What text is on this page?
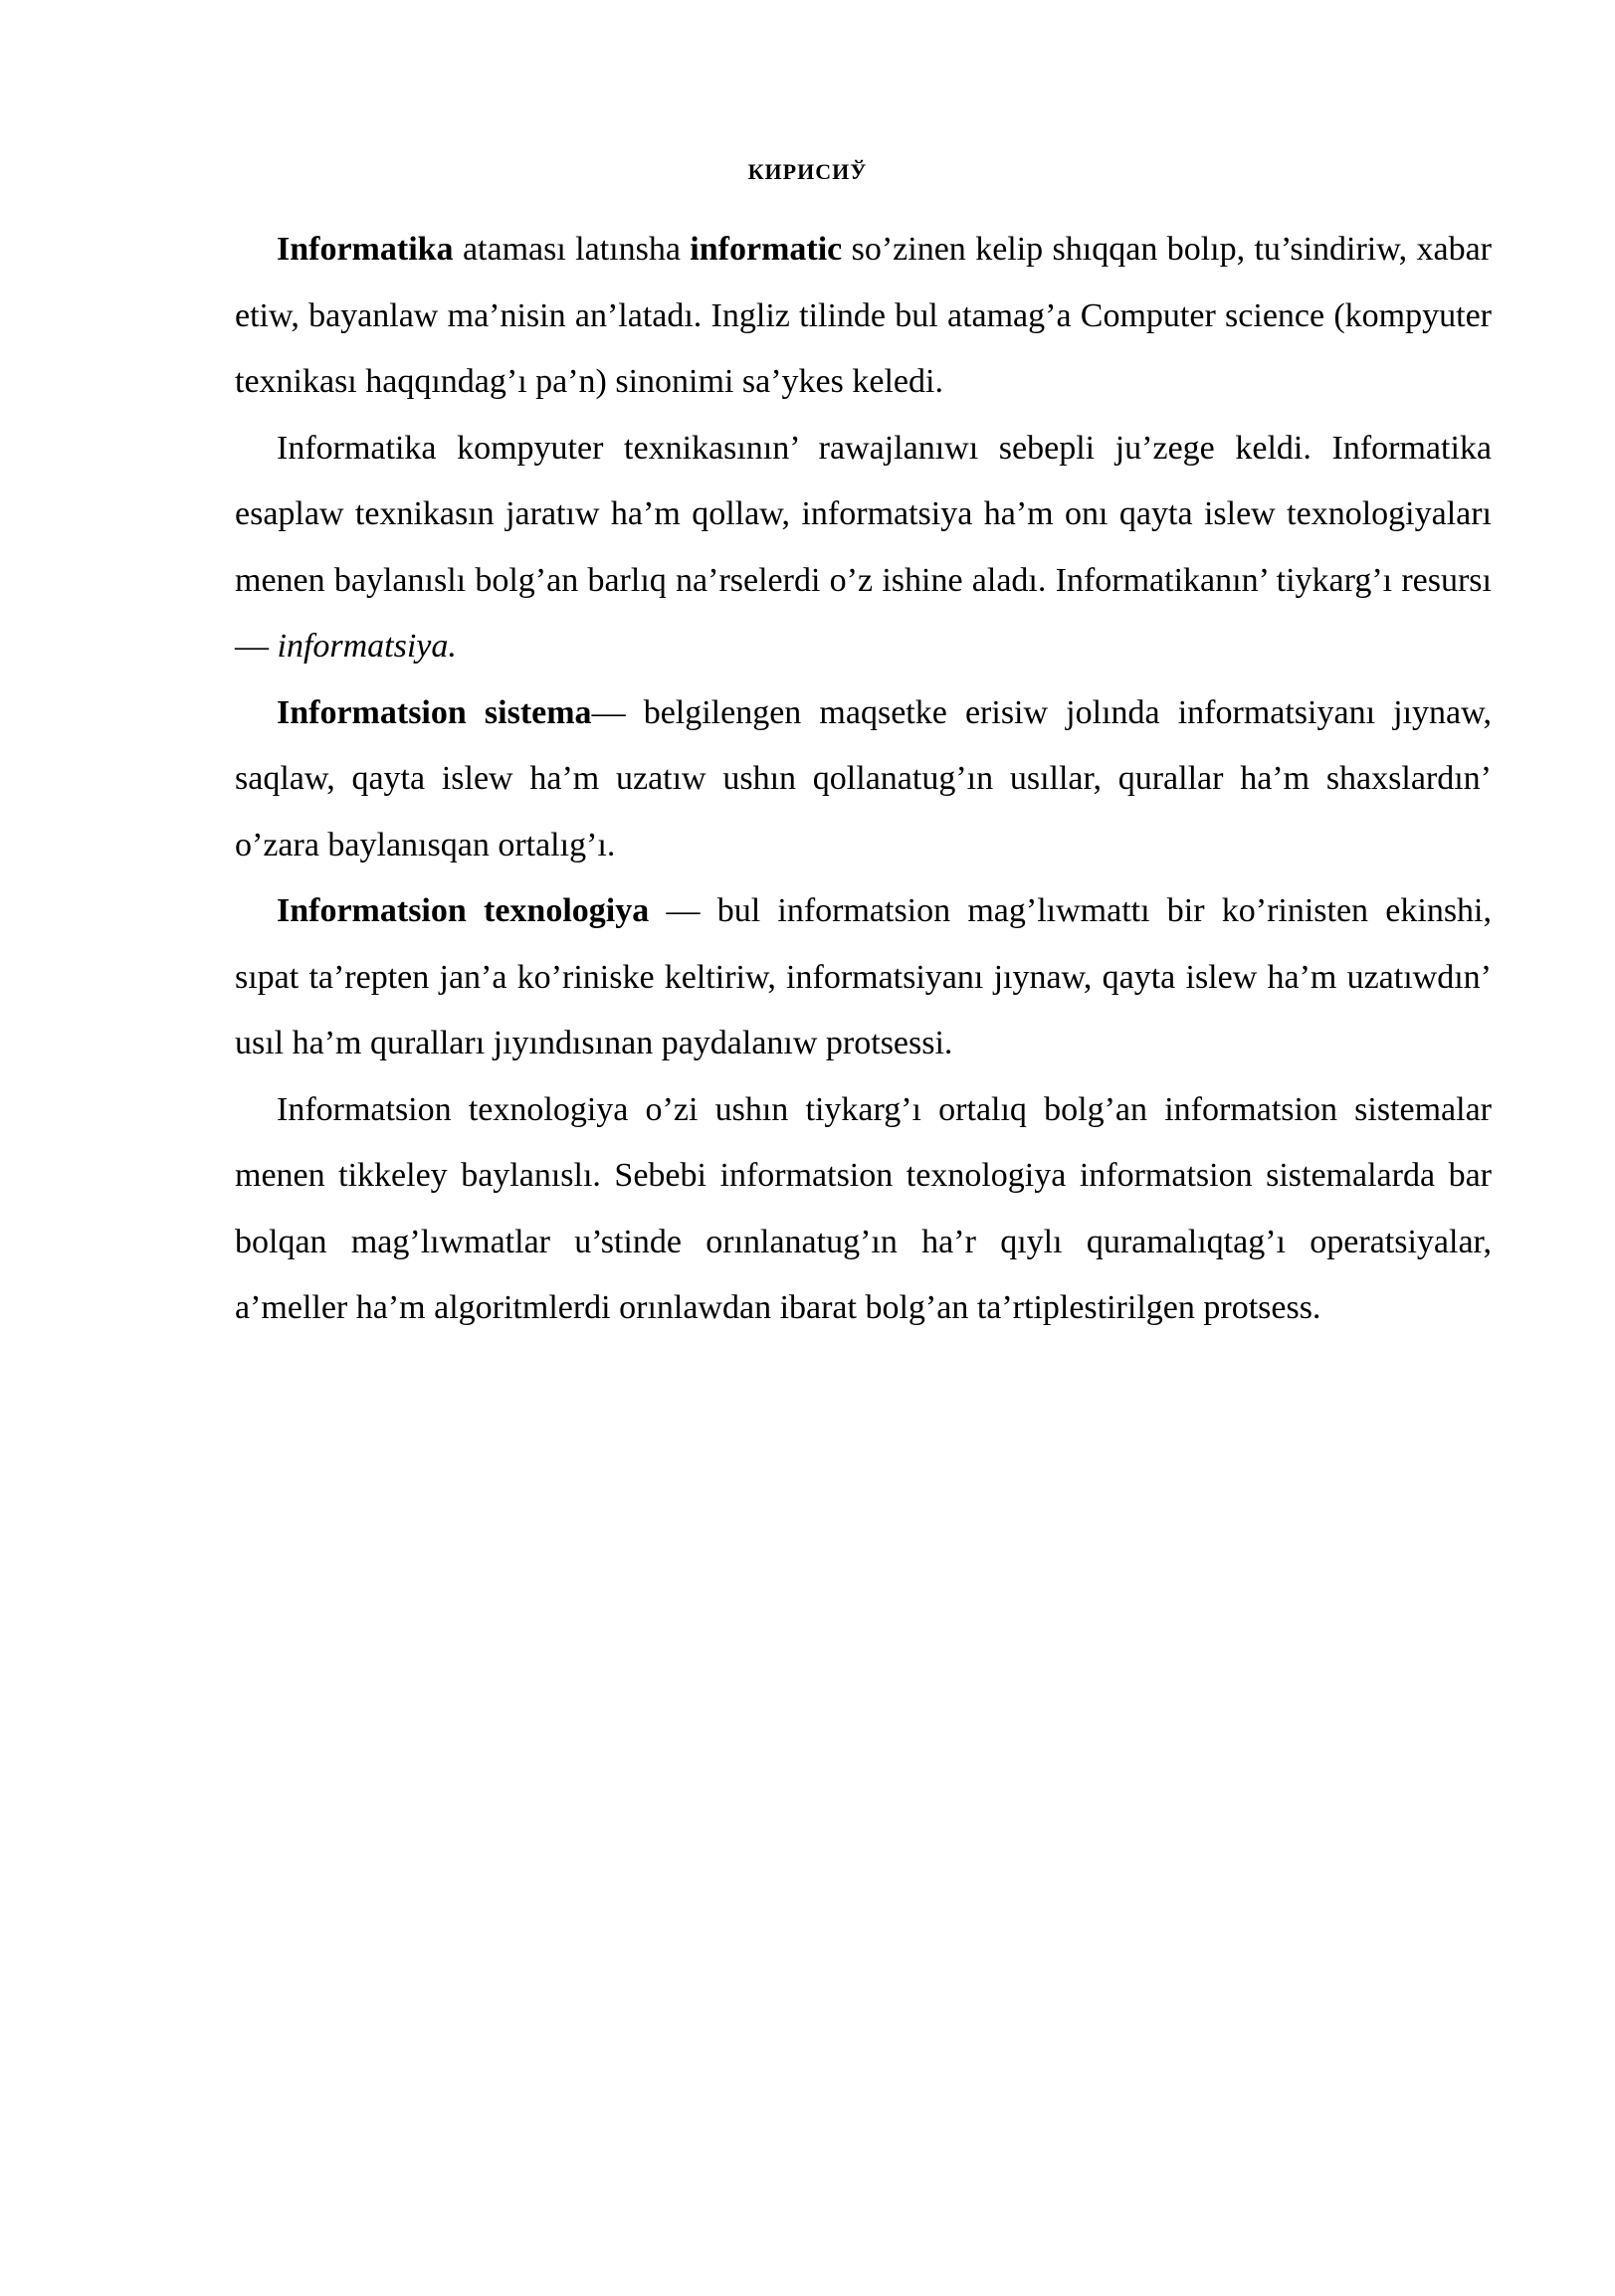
КИРИСИЎ

Informatika ataması latınsha informatic so’zinen kelip shıqqan bolıp, tu’sindiriw, xabar etiw, bayanlaw ma’nisin an’latadı. Ingliz tilinde bul atamag’a Computer science (kompyuter texnikası haqqındag’ı pa’n) sinonimi sa’ykes keledi.

Informatika kompyuter texnikasının’ rawajlanıwı sebepli ju’zege keldi. Informatika esaplaw texnikasın jaratıw ha’m qollaw, informatsiya ha’m onı qayta islew texnologiyaları menen baylanıslı bolg’an barlıq na’rselerdi o’z ishine aladı. Informatikanın’ tiykarg’ı resursı — informatsiya.

Informatsion sistema— belgilengen maqsetke erisiw jolında informatsiyanı jıynaw, saqlaw, qayta islew ha’m uzatıw ushın qollanatug’ın usıllar, qurallar ha’m shaxslardın’ o’zara baylanısqan ortalıg’ı.

Informatsion texnologiya — bul informatsion mag’lıwmattı bir ko’rinisten ekinshi, sıpat ta’repten jan’a ko’riniske keltiriw, informatsiyanı jıynaw, qayta islew ha’m uzatıwdın’ usıl ha’m quralları jıyındısınan paydalanıw protsessi.

Informatsion texnologiya o’zi ushın tiykarg’ı ortalıq bolg’an informatsion sistemalar menen tikkeley baylanıslı. Sebebi informatsion texnologiya informatsion sistemalarda bar bolqan mag’lıwmatlar u’stinde orınlanatug’ın ha’r qıylı quramalıqtag’ı operatsiyalar, a’meller ha’m algoritmlerdi orınlawdan ibarat bolg’an ta’rtiplestirilgen protsess.
